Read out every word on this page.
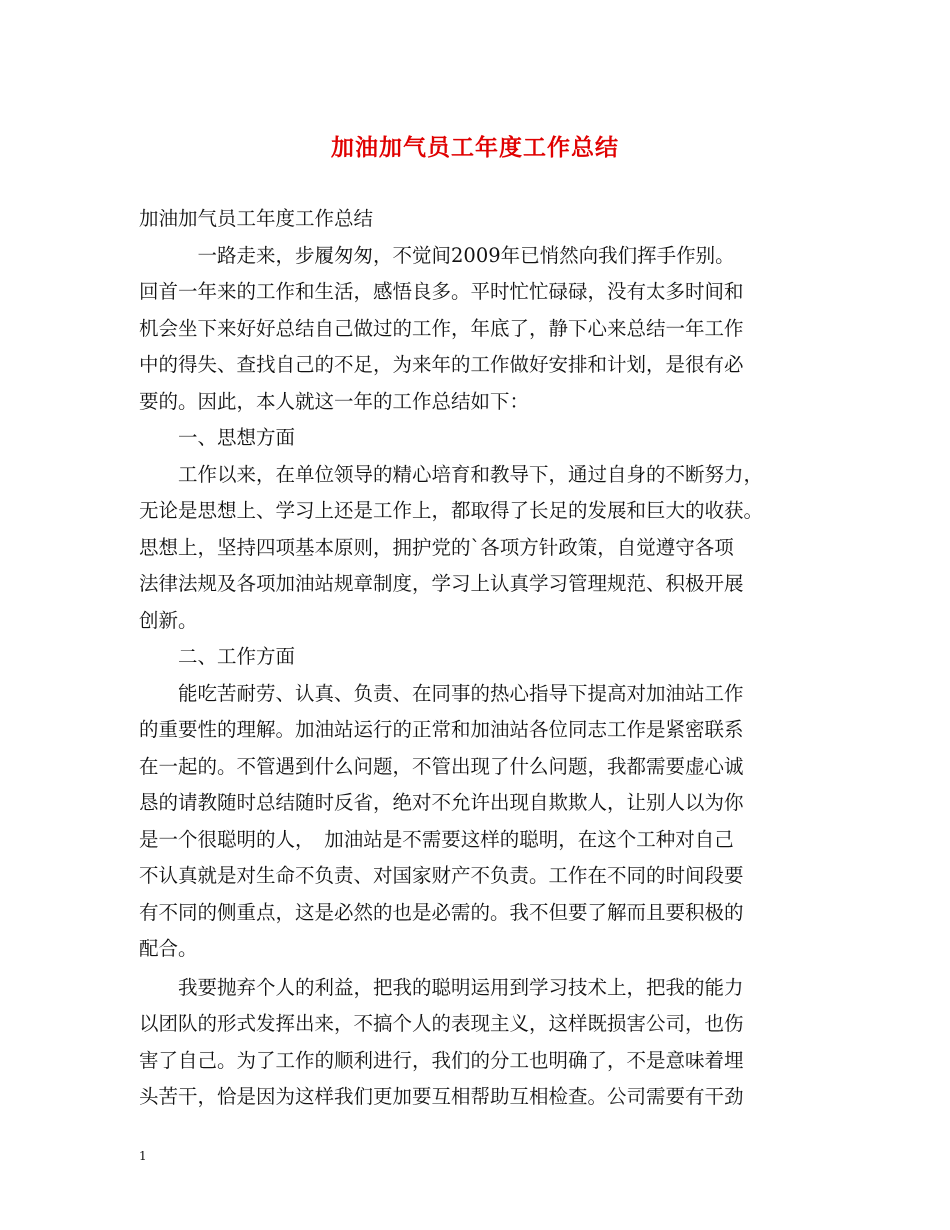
加油加气员工年度工作总结
加油加气员工年度工作总结
　　　一路走来，步履匆匆，不觉间2009年已悄然向我们挥手作别。
回首一年来的工作和生活，感悟良多。平时忙忙碌碌，没有太多时间和
机会坐下来好好总结自己做过的工作，年底了，静下心来总结一年工作
中的得失、查找自己的不足，为来年的工作做好安排和计划，是很有必
要的。因此，本人就这一年的工作总结如下：
　　一、思想方面
　　工作以来，在单位领导的精心培育和教导下，通过自身的不断努力，
无论是思想上、学习上还是工作上，都取得了长足的发展和巨大的收获。
思想上，坚持四项基本原则，拥护党的`各项方针政策，自觉遵守各项
法律法规及各项加油站规章制度，学习上认真学习管理规范、积极开展
创新。
　　二、工作方面
　　能吃苦耐劳、认真、负责、在同事的热心指导下提高对加油站工作
的重要性的理解。加油站运行的正常和加油站各位同志工作是紧密联系
在一起的。不管遇到什么问题，不管出现了什么问题，我都需要虚心诚
恳的请教随时总结随时反省，绝对不允许出现自欺欺人，让别人以为你
是一个很聪明的人，　加油站是不需要这样的聪明，在这个工种对自己
不认真就是对生命不负责、对国家财产不负责。工作在不同的时间段要
有不同的侧重点，这是必然的也是必需的。我不但要了解而且要积极的
配合。
　　我要抛弃个人的利益，把我的聪明运用到学习技术上，把我的能力
以团队的形式发挥出来，不搞个人的表现主义，这样既损害公司，也伤
害了自己。为了工作的顺利进行，我们的分工也明确了，不是意味着埋
头苦干，恰是因为这样我们更加要互相帮助互相检查。公司需要有干劲
1
